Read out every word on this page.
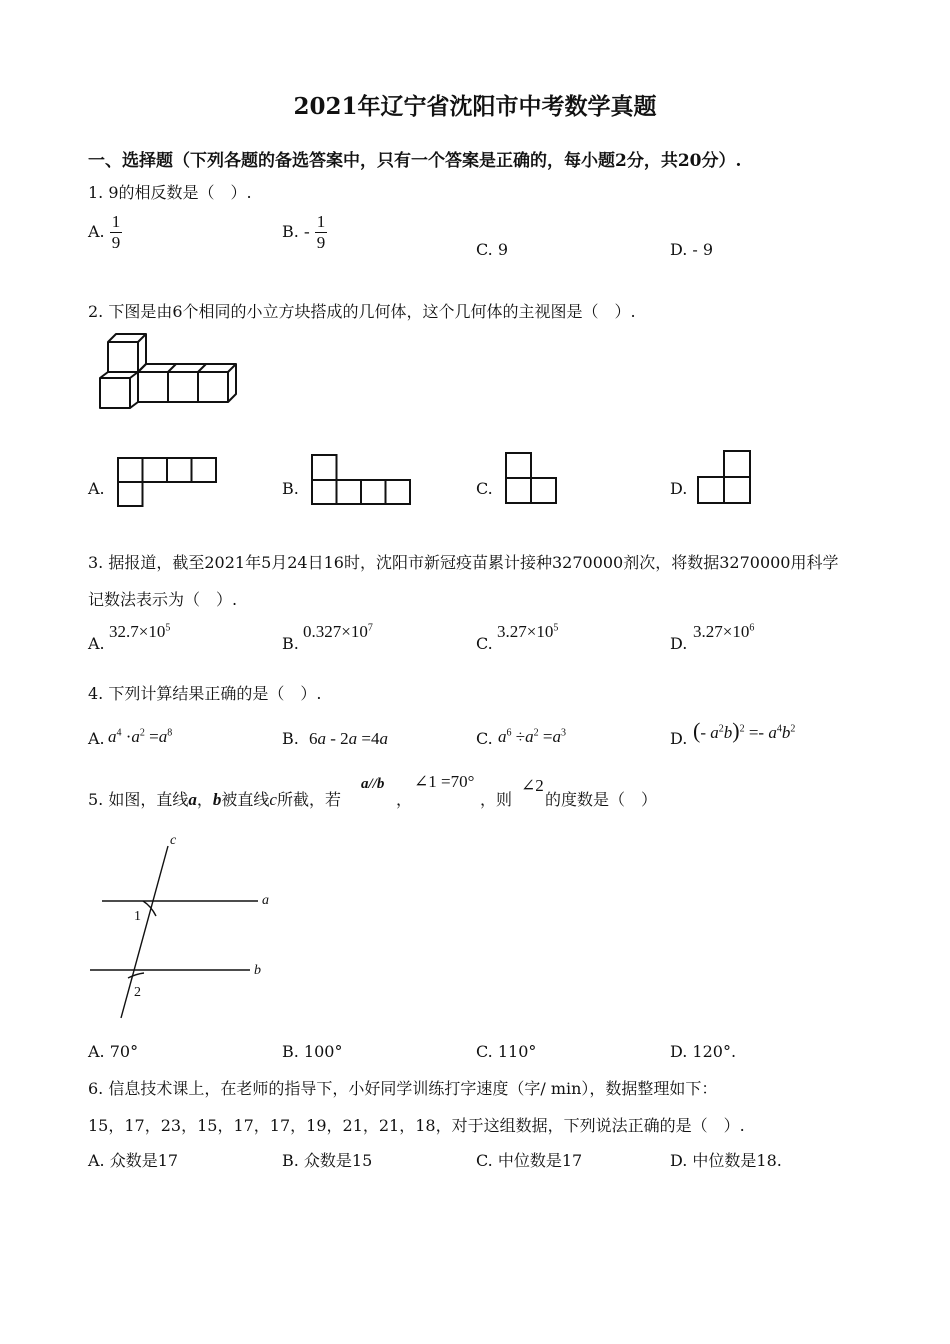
2021年辽宁省沈阳市中考数学真题
一、选择题（下列各题的备选答案中，只有一个答案是正确的，每小题2分，共20分）.
1. 9的相反数是（　）.
A. $\frac{1}{9}$	B. - $\frac{1}{9}$	C. 9	D. - 9
2. 下图是由6个相同的小立方块搭成的几何体，这个几何体的主视图是（　）.
A.	B.	C.	D.
3. 据报道，截至2021年5月24日16时，沈阳市新冠疫苗累计接种3270000剂次，将数据3270000用科学
记数法表示为（　）.
A.
$32.7\times 10^5$
B.
$0.327\times 10^7$
C.
$3.27\times 10^5$
D.
$3.27\times 10^6$
4. 下列计算结果正确的是（　）.
A. $a^4 \cdot a^2 =a^8$	B. 6a - 2a =4a	C. $a^6 \div a^2 =a^3$	D. (- $a^2b)^2 =- a^4b^2$
5. 如图，直线a，b被直线c所截，若
a//b
，
∠1 =70°
，则
∠2
的度数是（　）
c
a
b
1
2
A. 70°	B. 100°	C. 110°	D. 120°.
6. 信息技术课上，在老师的指导下，小好同学训练打字速度（字/ min），数据整理如下：
15，17，23，15，17，17，19，21，21，18，对于这组数据，下列说法正确的是（　）.
A. 众数是17	B. 众数是15	C. 中位数是17	D. 中位数是18.
